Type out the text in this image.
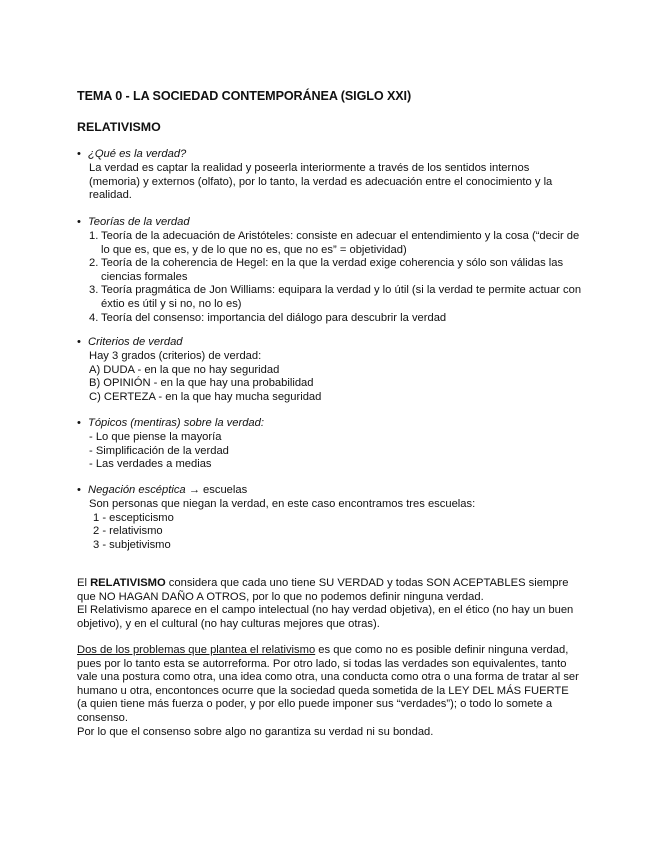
TEMA 0 - LA SOCIEDAD CONTEMPORÁNEA (SIGLO XXI)
RELATIVISMO
• ¿Qué es la verdad?
La verdad es captar la realidad y poseerla interiormente a través de los sentidos internos (memoria) y externos (olfato), por lo tanto, la verdad es adecuación entre el conocimiento y la realidad.
• Teorías de la verdad
1. Teoría de la adecuación de Aristóteles: consiste en adecuar el entendimiento y la cosa (“decir de lo que es, que es, y de lo que no es, que no es” = objetividad)
2. Teoría de la coherencia de Hegel: en la que la verdad exige coherencia y sólo son válidas las ciencias formales
3. Teoría pragmática de Jon Williams: equipara la verdad y lo útil (si la verdad te permite actuar con éxtio es útil y si no, no lo es)
4. Teoría del consenso: importancia del diálogo para descubrir la verdad
• Criterios de verdad

Hay 3 grados (criterios) de verdad:

A) DUDA - en la que no hay seguridad

B) OPINIÓN - en la que hay una probabilidad

C) CERTEZA - en la que hay mucha seguridad

• Tópicos (mentiras) sobre la verdad:

- Lo que piense la mayoría

- Simplificación de la verdad

- Las verdades a medias

• Negación escéptica → escuelas

Son personas que niegan la verdad, en este caso encontramos tres escuelas:

1 - escepticismo

2 - relativismo

3 - subjetivismo

El RELATIVISMO considera que cada uno tiene SU VERDAD y todas SON ACEPTABLES siempre que NO HAGAN DAÑO A OTROS, por lo que no podemos definir ninguna verdad.

El Relativismo aparece en el campo intelectual (no hay verdad objetiva), en el ético (no hay un buen objetivo), y en el cultural (no hay culturas mejores que otras).

Dos de los problemas que plantea el relativismo es que como no es posible definir ninguna verdad, pues por lo tanto esta se autorreforma. Por otro lado, si todas las verdades son equivalentes, tanto vale una postura como otra, una idea como otra, una conducta como otra o una forma de tratar al ser humano u otra, encontonces ocurre que la sociedad queda sometida de la LEY DEL MÁS FUERTE (a quien tiene más fuerza o poder, y por ello puede imponer sus “verdades”); o todo lo somete a consenso.

Por lo que el consenso sobre algo no garantiza su verdad ni su bondad.
